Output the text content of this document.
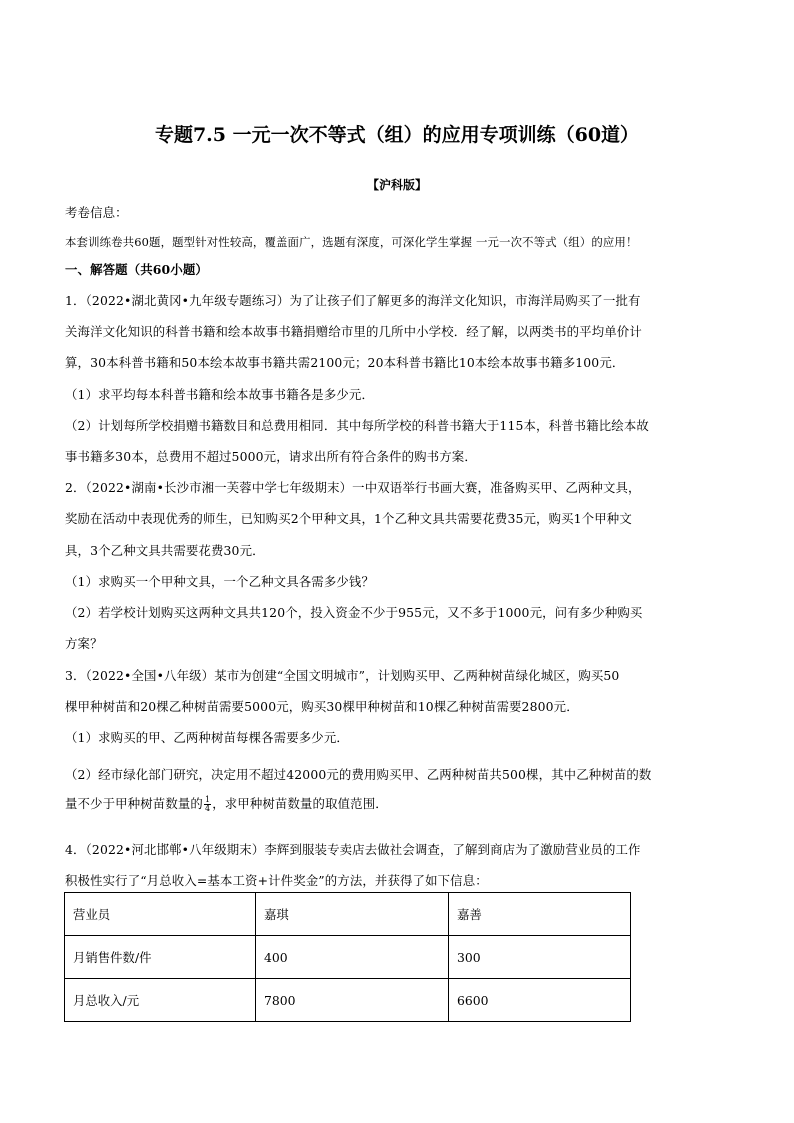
专题7.5 一元一次不等式（组）的应用专项训练（60道）
【沪科版】
考卷信息：
本套训练卷共60题，题型针对性较高，覆盖面广，选题有深度，可深化学生掌握 一元一次不等式（组）的应用！
一、解答题（共60小题）
1．（2022•湖北黄冈•九年级专题练习）为了让孩子们了解更多的海洋文化知识，市海洋局购买了一批有
关海洋文化知识的科普书籍和绘本故事书籍捐赠给市里的几所中小学校．经了解，以两类书的平均单价计
算，30本科普书籍和50本绘本故事书籍共需2100元；20本科普书籍比10本绘本故事书籍多100元．
（1）求平均每本科普书籍和绘本故事书籍各是多少元．
（2）计划每所学校捐赠书籍数目和总费用相同．其中每所学校的科普书籍大于115本，科普书籍比绘本故
事书籍多30本，总费用不超过5000元，请求出所有符合条件的购书方案．
2．（2022•湖南•长沙市湘一芙蓉中学七年级期末）一中双语举行书画大赛，准备购买甲、乙两种文具，
奖励在活动中表现优秀的师生，已知购买2个甲种文具，1个乙种文具共需要花费35元，购买1个甲种文
具，3个乙种文具共需要花费30元．
（1）求购买一个甲种文具，一个乙种文具各需多少钱？
（2）若学校计划购买这两种文具共120个，投入资金不少于955元，又不多于1000元，问有多少种购买
方案？
3．（2022•全国•八年级）某市为创建“全国文明城市”，计划购买甲、乙两种树苗绿化城区，购买50
棵甲种树苗和20棵乙种树苗需要5000元，购买30棵甲种树苗和10棵乙种树苗需要2800元．
（1）求购买的甲、乙两种树苗每棵各需要多少元．
（2）经市绿化部门研究，决定用不超过42000元的费用购买甲、乙两种树苗共500棵，其中乙种树苗的数
量不少于甲种树苗数量的 $\frac{1}{4}$ ，求甲种树苗数量的取值范围．
4．（2022•河北邯郸•八年级期末）李辉到服装专卖店去做社会调查，了解到商店为了激励营业员的工作
积极性实行了“月总收入=基本工资+计件奖金”的方法，并获得了如下信息：
营业员	嘉琪	嘉善
月销售件数/件	400	300
月总收入/元	7800	6600
